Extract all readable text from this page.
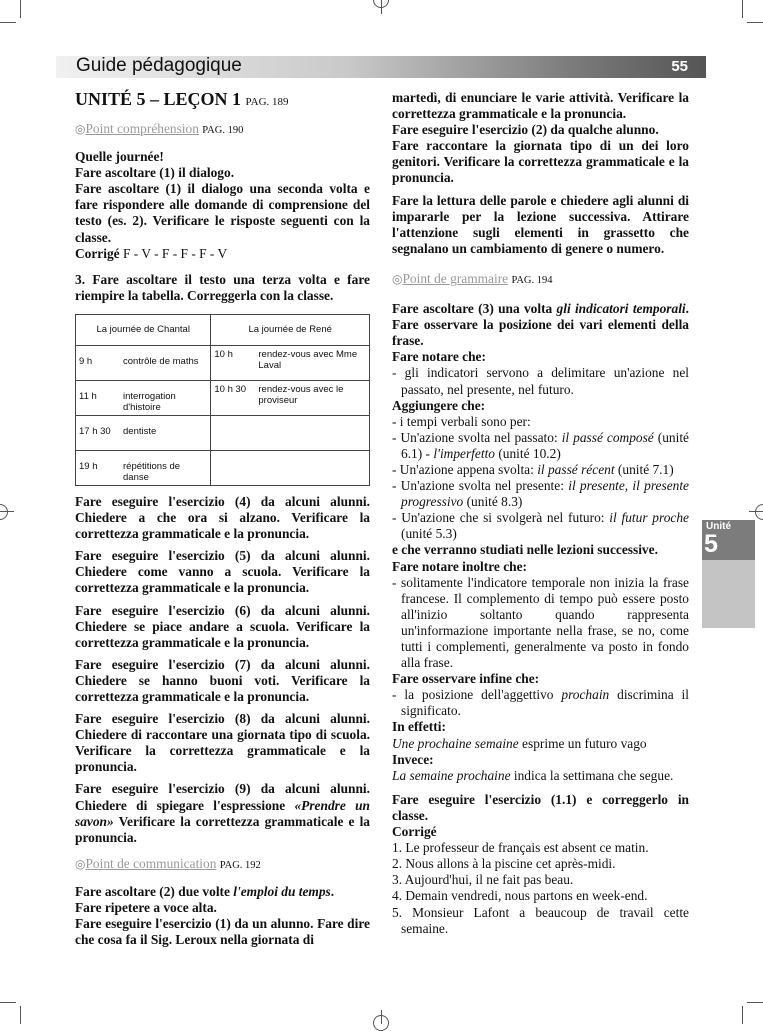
Guide pédagogique	55
Unité
5
UNITÉ 5 – LEÇON 1 PAG. 189
◎Point compréhension PAG. 190

Quelle journée!

Fare ascoltare (1) il dialogo.

Fare ascoltare (1) il dialogo una seconda volta e fare rispondere alle domande di comprensione del testo (es. 2). Verificare le risposte seguenti con la classe.

Corrigé F - V - F - F - F - V

3. Fare ascoltare il testo una terza volta e fare riempire la tabella. Correggerla con la classe.

La journée de Chantal	La journée de René

9 h contrôle de maths	10 h rendez-vous avec Mme Laval

11 h interrogation d'histoire	10 h 30 rendez-vous avec le proviseur

17 h 30 dentiste	

19 h répétitions de danse	

Fare eseguire l'esercizio (4) da alcuni alunni. Chiedere a che ora si alzano. Verificare la correttezza grammaticale e la pronuncia.

Fare eseguire l'esercizio (5) da alcuni alunni. Chiedere come vanno a scuola. Verificare la correttezza grammaticale e la pronuncia.

Fare eseguire l'esercizio (6) da alcuni alunni. Chiedere se piace andare a scuola. Verificare la correttezza grammaticale e la pronuncia.

Fare eseguire l'esercizio (7) da alcuni alunni. Chiedere se hanno buoni voti. Verificare la correttezza grammaticale e la pronuncia.

Fare eseguire l'esercizio (8) da alcuni alunni. Chiedere di raccontare una giornata tipo di scuola. Verificare la correttezza grammaticale e la pronuncia.

Fare eseguire l'esercizio (9) da alcuni alunni. Chiedere di spiegare l'espressione «Prendre un savon» Verificare la correttezza grammaticale e la pronuncia.

◎Point de communication PAG. 192

Fare ascoltare (2) due volte l'emploi du temps.

Fare ripetere a voce alta.

Fare eseguire l'esercizio (1) da un alunno. Fare dire che cosa fa il Sig. Leroux nella giornata di

martedì, di enunciare le varie attività. Verificare la correttezza grammaticale e la pronuncia.

Fare eseguire l'esercizio (2) da qualche alunno.

Fare raccontare la giornata tipo di un dei loro genitori. Verificare la correttezza grammaticale e la pronuncia.

Fare la lettura delle parole e chiedere agli alunni di impararle per la lezione successiva. Attirare l'attenzione sugli elementi in grassetto che segnalano un cambiamento di genere o numero.

◎Point de grammaire PAG. 194

Fare ascoltare (3) una volta gli indicatori temporali. Fare osservare la posizione dei vari elementi della frase.

Fare notare che:

- gli indicatori servono a delimitare un'azione nel passato, nel presente, nel futuro.

Aggiungere che:

- i tempi verbali sono per:

- Un'azione svolta nel passato: il passé composé (unité 6.1) - l'imperfetto (unité 10.2)

- Un'azione appena svolta: il passé récent (unité 7.1)

- Un'azione svolta nel presente: il presente, il presente progressivo (unité 8.3)

- Un'azione che si svolgerà nel futuro: il futur proche (unité 5.3)

e che verranno studiati nelle lezioni successive.

Fare notare inoltre che:

- solitamente l'indicatore temporale non inizia la frase francese. Il complemento di tempo può essere posto all'inizio soltanto quando rappresenta un'informazione importante nella frase, se no, come tutti i complementi, generalmente va posto in fondo alla frase.

Fare osservare infine che:

- la posizione dell'aggettivo prochain discrimina il significato.

In effetti:

Une prochaine semaine esprime un futuro vago

Invece:

La semaine prochaine indica la settimana che segue.

Fare eseguire l'esercizio (1.1) e correggerlo in classe.

Corrigé

1. Le professeur de français est absent ce matin.

2. Nous allons à la piscine cet après-midi.

3. Aujourd'hui, il ne fait pas beau.

4. Demain vendredi, nous partons en week-end.

5. Monsieur Lafont a beaucoup de travail cette semaine.
